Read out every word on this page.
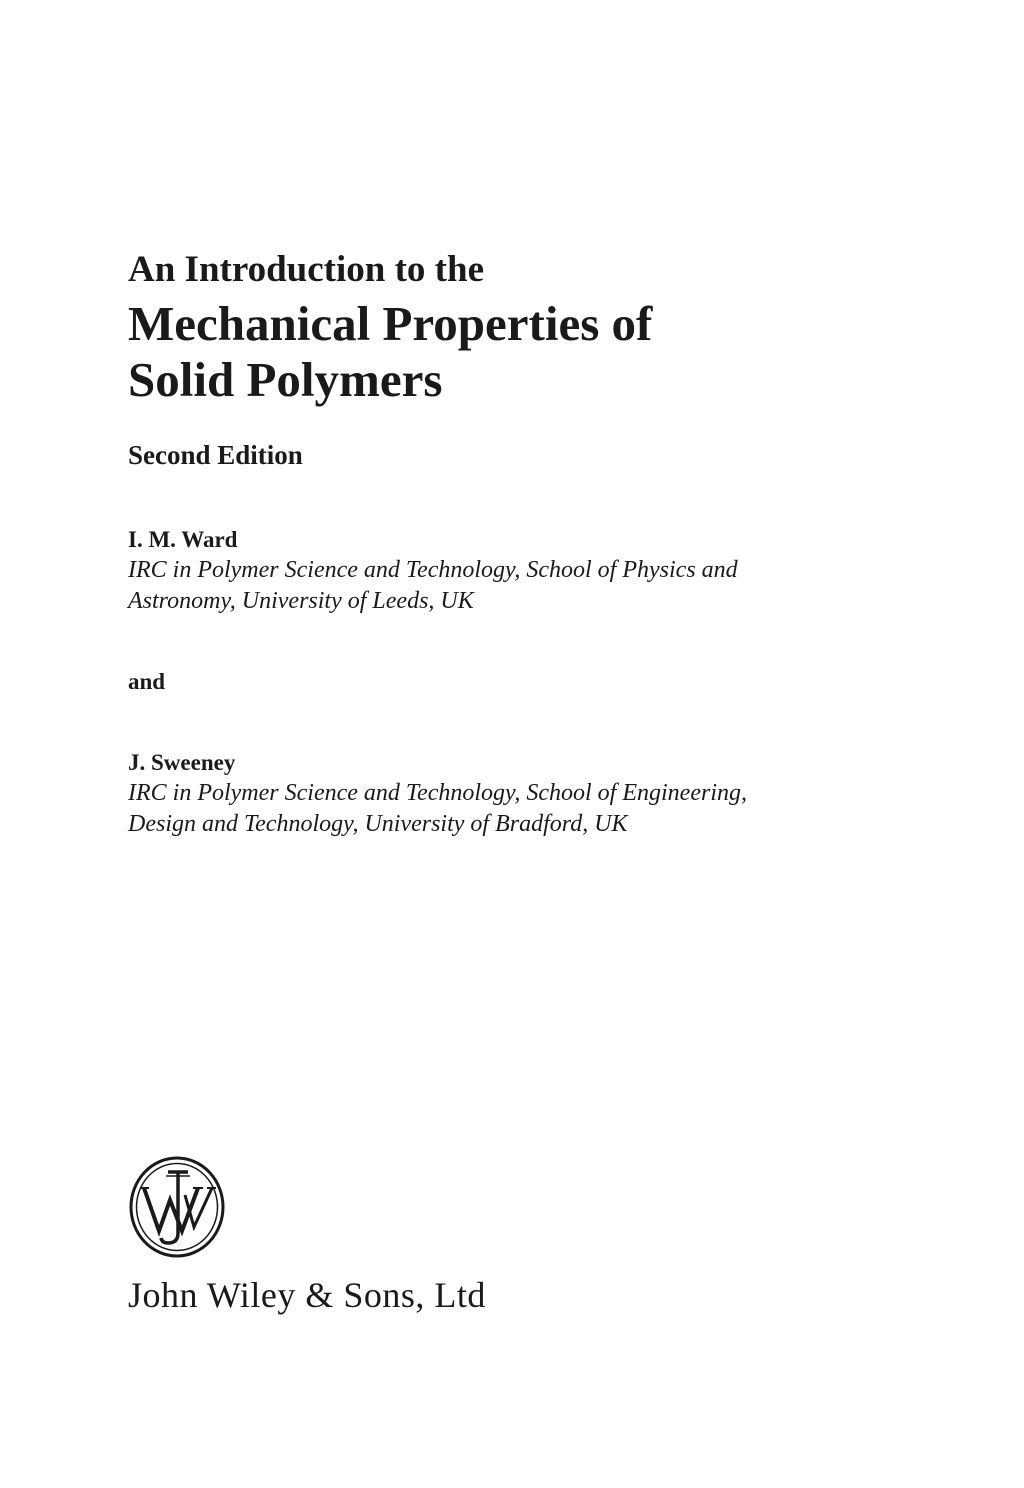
An Introduction to the
Mechanical Properties of
Solid Polymers
Second Edition
I. M. Ward
IRC in Polymer Science and Technology, School of Physics and
Astronomy, University of Leeds, UK
and
J. Sweeney
IRC in Polymer Science and Technology, School of Engineering,
Design and Technology, University of Bradford, UK
John Wiley & Sons, Ltd
